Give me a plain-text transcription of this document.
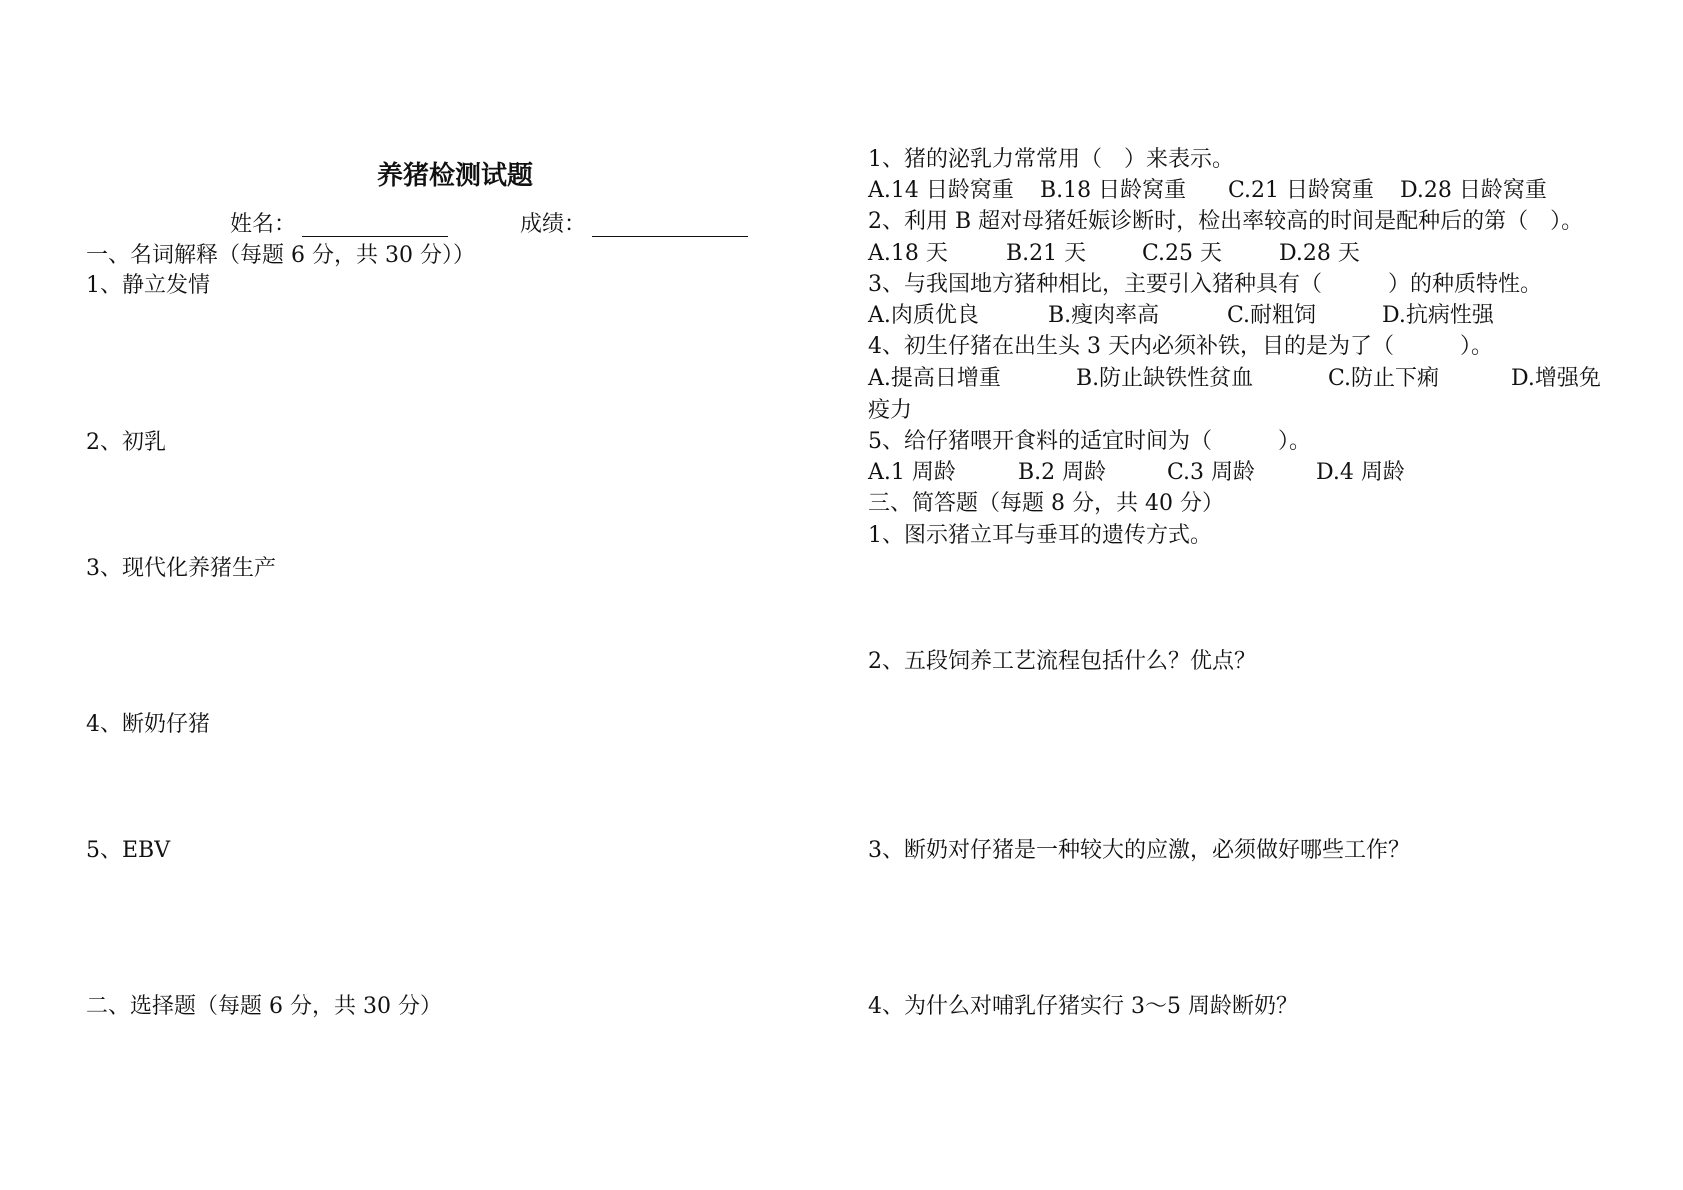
养猪检测试题
姓名：	成绩：
一、名词解释（每题 6 分，共 30 分））
1、静立发情
2、初乳
3、现代化养猪生产
4、断奶仔猪
5、EBV
二、选择题（每题 6 分，共 30 分）
1、猪的泌乳力常常用（　）来表示。
A.14 日龄窝重 B.18 日龄窝重 C.21 日龄窝重 D.28 日龄窝重
2、利用 B 超对母猪妊娠诊断时，检出率较高的时间是配种后的第（　）。
A.18 天	B.21 天	C.25 天	D.28 天
3、与我国地方猪种相比，主要引入猪种具有（　　　）的种质特性。
A.肉质优良	B.瘦肉率高	C.耐粗饲	D.抗病性强
4、初生仔猪在出生头 3 天内必须补铁，目的是为了（　　　）。
A.提高日增重	B.防止缺铁性贫血	C.防止下痢	D.增强免
疫力
5、给仔猪喂开食料的适宜时间为（　　　）。
A.1 周龄	B.2 周龄	C.3 周龄	D.4 周龄
三、简答题（每题 8 分，共 40 分）
1、图示猪立耳与垂耳的遗传方式。
2、五段饲养工艺流程包括什么？优点？
3、断奶对仔猪是一种较大的应激，必须做好哪些工作？
4、为什么对哺乳仔猪实行 3～5 周龄断奶？
